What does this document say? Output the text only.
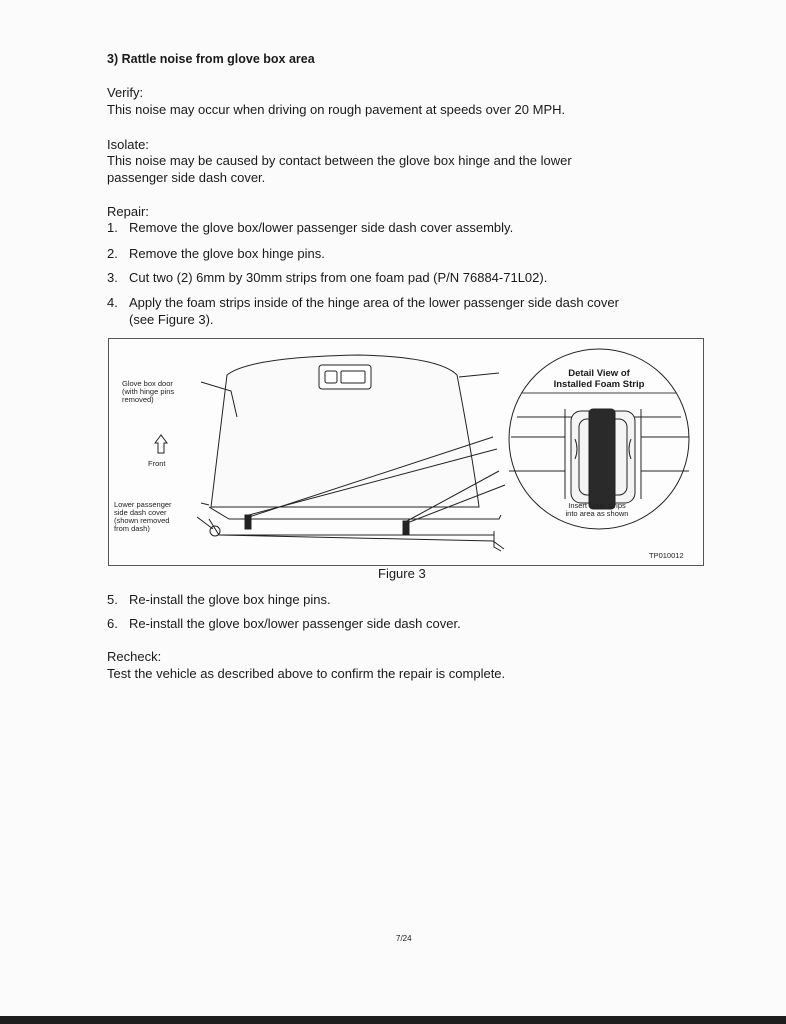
3) Rattle noise from glove box area
Verify:
This noise may occur when driving on rough pavement at speeds over 20 MPH.
Isolate:
This noise may be caused by contact between the glove box hinge and the lower
passenger side dash cover.
Repair:
1. Remove the glove box/lower passenger side dash cover assembly.
2. Remove the glove box hinge pins.
3. Cut two (2) 6mm by 30mm strips from one foam pad (P/N 76884-71L02).
4. Apply the foam strips inside of the hinge area of the lower passenger side dash cover
(see Figure 3).
Glove box door
(with hinge pins
removed)
Front
Lower passenger
side dash cover
(shown removed
from dash)
Detail View of
Installed Foam Strip
Insert foam strips
into area as shown
TP010012
Figure 3
5. Re-install the glove box hinge pins.
6. Re-install the glove box/lower passenger side dash cover.
Recheck:
Test the vehicle as described above to confirm the repair is complete.
7/24
